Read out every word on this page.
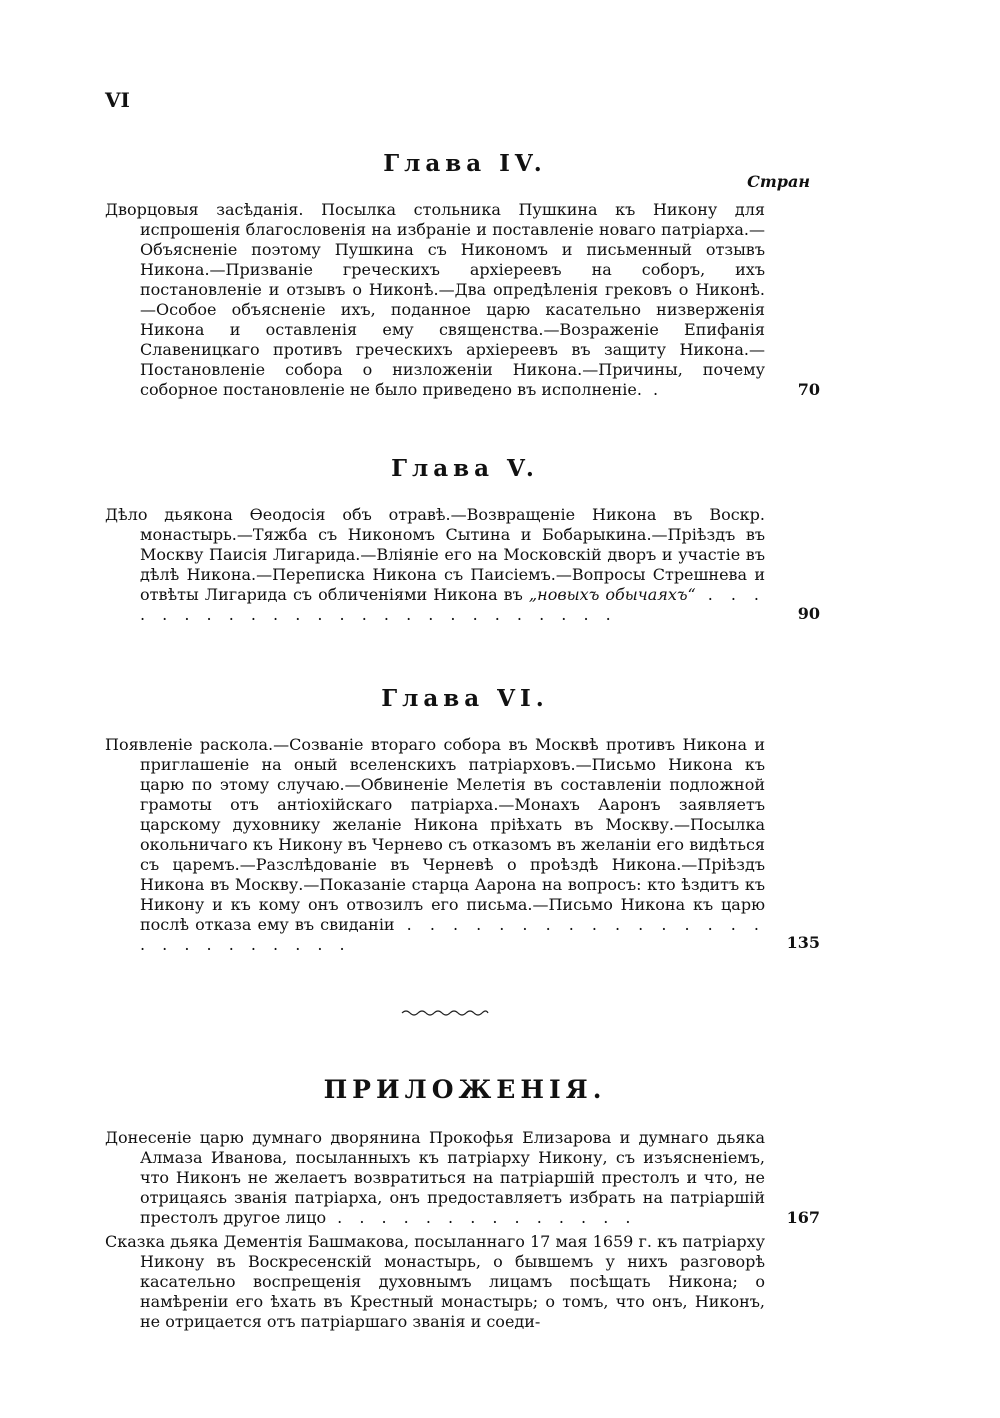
VI
Глава IV.
Стран
Дворцовыя засѣданія. Посылка стольника Пушкина къ Никону для испрошенія благословенія на избраніе и поставленіе новаго патріарха.—Объясненіе поэтому Пушкина съ Никономъ и письменный отзывъ Никона.—Призваніе греческихъ архіереевъ на соборъ, ихъ постановленіе и отзывъ о Никонѣ.—Два опредѣленія грековъ о Никонѣ.—Особое объясненіе ихъ, поданное царю касательно низверженія Никона и оставленія ему священства.—Возраженіе Епифанія Славеницкаго противъ греческихъ архіереевъ въ защиту Никона.—Постановленіе собора о низложеніи Никона.—Причины, почему соборное постановленіе не было приведено въ исполненіе. .	70
Глава V.
Дѣло дьякона Ѳеодосія объ отравѣ.—Возвращеніе Никона въ Воскр. монастырь.—Тяжба съ Никономъ Сытина и Бобарыкина.—Пріѣздъ въ Москву Паисія Лигарида.—Вліяніе его на Московскій дворъ и участіе въ дѣлѣ Никона.—Переписка Никона съ Паисіемъ.—Вопросы Стрешнева и отвѣты Лигарида съ обличеніями Никона въ „новыхъ обычаяхъ“ . . . . . . . . . . . . . . . . . . . . . . . . .	90
Глава VI.
Появленіе раскола.—Созваніе втораго собора въ Москвѣ противъ Никона и приглашеніе на оный вселенскихъ патріарховъ.—Письмо Никона къ царю по этому случаю.—Обвиненіе Мелетія въ составленіи подложной грамоты отъ антіохійскаго патріарха.—Монахъ Ааронъ заявляетъ царскому духовнику желаніе Никона пріѣхать въ Москву.—Посылка окольничаго къ Никону въ Чернево съ отказомъ въ желаніи его видѣться съ царемъ.—Разслѣдованіе въ Черневѣ о проѣздѣ Никона.—Пріѣздъ Никона въ Москву.—Показаніе старца Аарона на вопросъ: кто ѣздитъ къ Никону и къ кому онъ отвозилъ его письма.—Письмо Никона къ царю послѣ отказа ему въ свиданіи . . . . . . . . . . . . . . . . . . . . . . . . . .	135
ПРИЛОЖЕНІЯ.
Донесеніе царю думнаго дворянина Прокофья Елизарова и думнаго дьяка Алмаза Иванова, посыланныхъ къ патріарху Никону, съ изъясненіемъ, что Никонъ не желаетъ возвратиться на патріаршій престолъ и что, не отрицаясь званія патріарха, онъ предоставляетъ избрать на патріаршій престолъ другое лицо . . . . . . . . . . . . . .	167
Сказка дьяка Дементія Башмакова, посыланнаго 17 мая 1659 г. къ патріарху Никону въ Воскресенскій монастырь, о бывшемъ у нихъ разговорѣ касательно воспрещенія духовнымъ лицамъ посѣщать Никона; о намѣреніи его ѣхать въ Крестный монастырь; о томъ, что онъ, Никонъ, не отрицается отъ патріаршаго званія и соеди-
